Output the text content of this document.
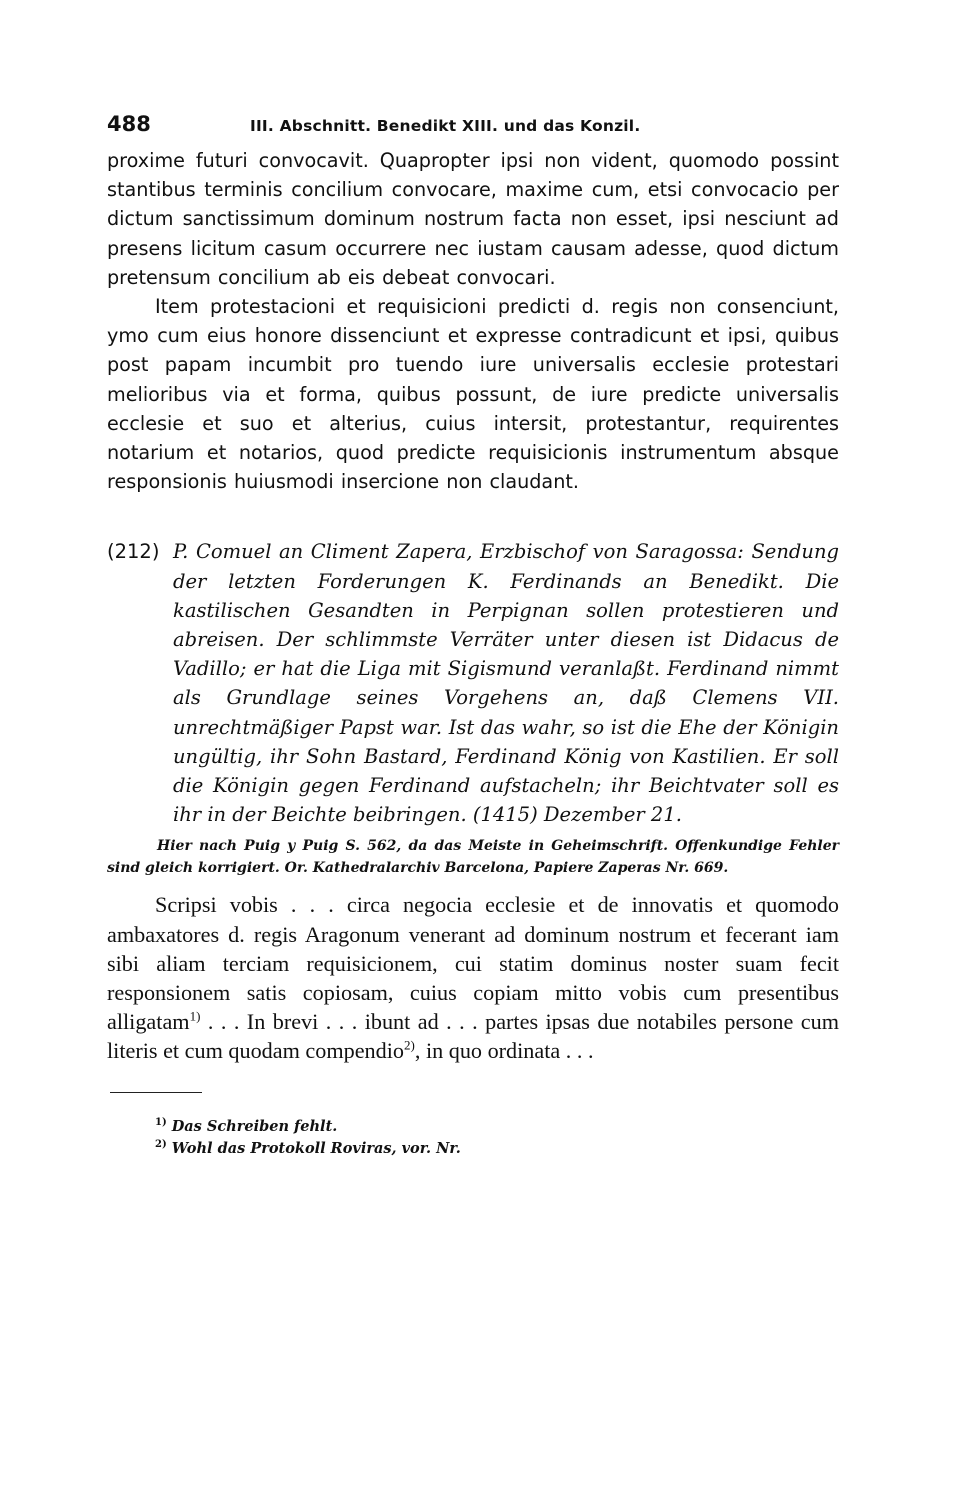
488	III. Abschnitt. Benedikt XIII. und das Konzil.

proxime futuri convocavit. Quapropter ipsi non vident, quomodo possint stantibus terminis concilium convocare, maxime cum, etsi convocacio per dictum sanctissimum dominum nostrum facta non esset, ipsi nesciunt ad presens licitum casum occurrere nec iustam causam adesse, quod dictum pretensum concilium ab eis debeat convocari.

Item protestacioni et requisicioni predicti d. regis non consenciunt, ymo cum eius honore dissenciunt et expresse contradicunt et ipsi, quibus post papam incumbit pro tuendo iure universalis ecclesie protestari melioribus via et forma, quibus possunt, de iure predicte universalis ecclesie et suo et alterius, cuius intersit, protestantur, requirentes notarium et notarios, quod predicte requisicionis instrumentum absque responsionis huiusmodi insercione non claudant.

(212) P. Comuel an Climent Zapera, Erzbischof von Saragossa: Sendung der letzten Forderungen K. Ferdinands an Benedikt. Die kastilischen Gesandten in Perpignan sollen protestieren und abreisen. Der schlimmste Verräter unter diesen ist Didacus de Vadillo; er hat die Liga mit Sigismund veranlaßt. Ferdinand nimmt als Grundlage seines Vorgehens an, daß Clemens VII. unrechtmäßiger Papst war. Ist das wahr, so ist die Ehe der Königin ungültig, ihr Sohn Bastard, Ferdinand König von Kastilien. Er soll die Königin gegen Ferdinand aufstacheln; ihr Beichtvater soll es ihr in der Beichte beibringen. (1415) Dezember 21.

Hier nach Puig y Puig S. 562, da das Meiste in Geheimschrift. Offenkundige Fehler sind gleich korrigiert. Or. Kathedralarchiv Barcelona, Papiere Zaperas Nr. 669.

Scripsi vobis . . . circa negocia ecclesie et de innovatis et quomodo ambaxatores d. regis Aragonum venerant ad dominum nostrum et fecerant iam sibi aliam terciam requisicionem, cui statim dominus noster suam fecit responsionem satis copiosam, cuius copiam mitto vobis cum presentibus alligatam$^{1)}$ . . . In brevi . . . ibunt ad . . . partes ipsas due notabiles persone cum literis et cum quodam compendio$^{2)}$, in quo ordinata . . .

$^{1)}$ Das Schreiben fehlt.

$^{2)}$ Wohl das Protokoll Roviras, vor. Nr.
